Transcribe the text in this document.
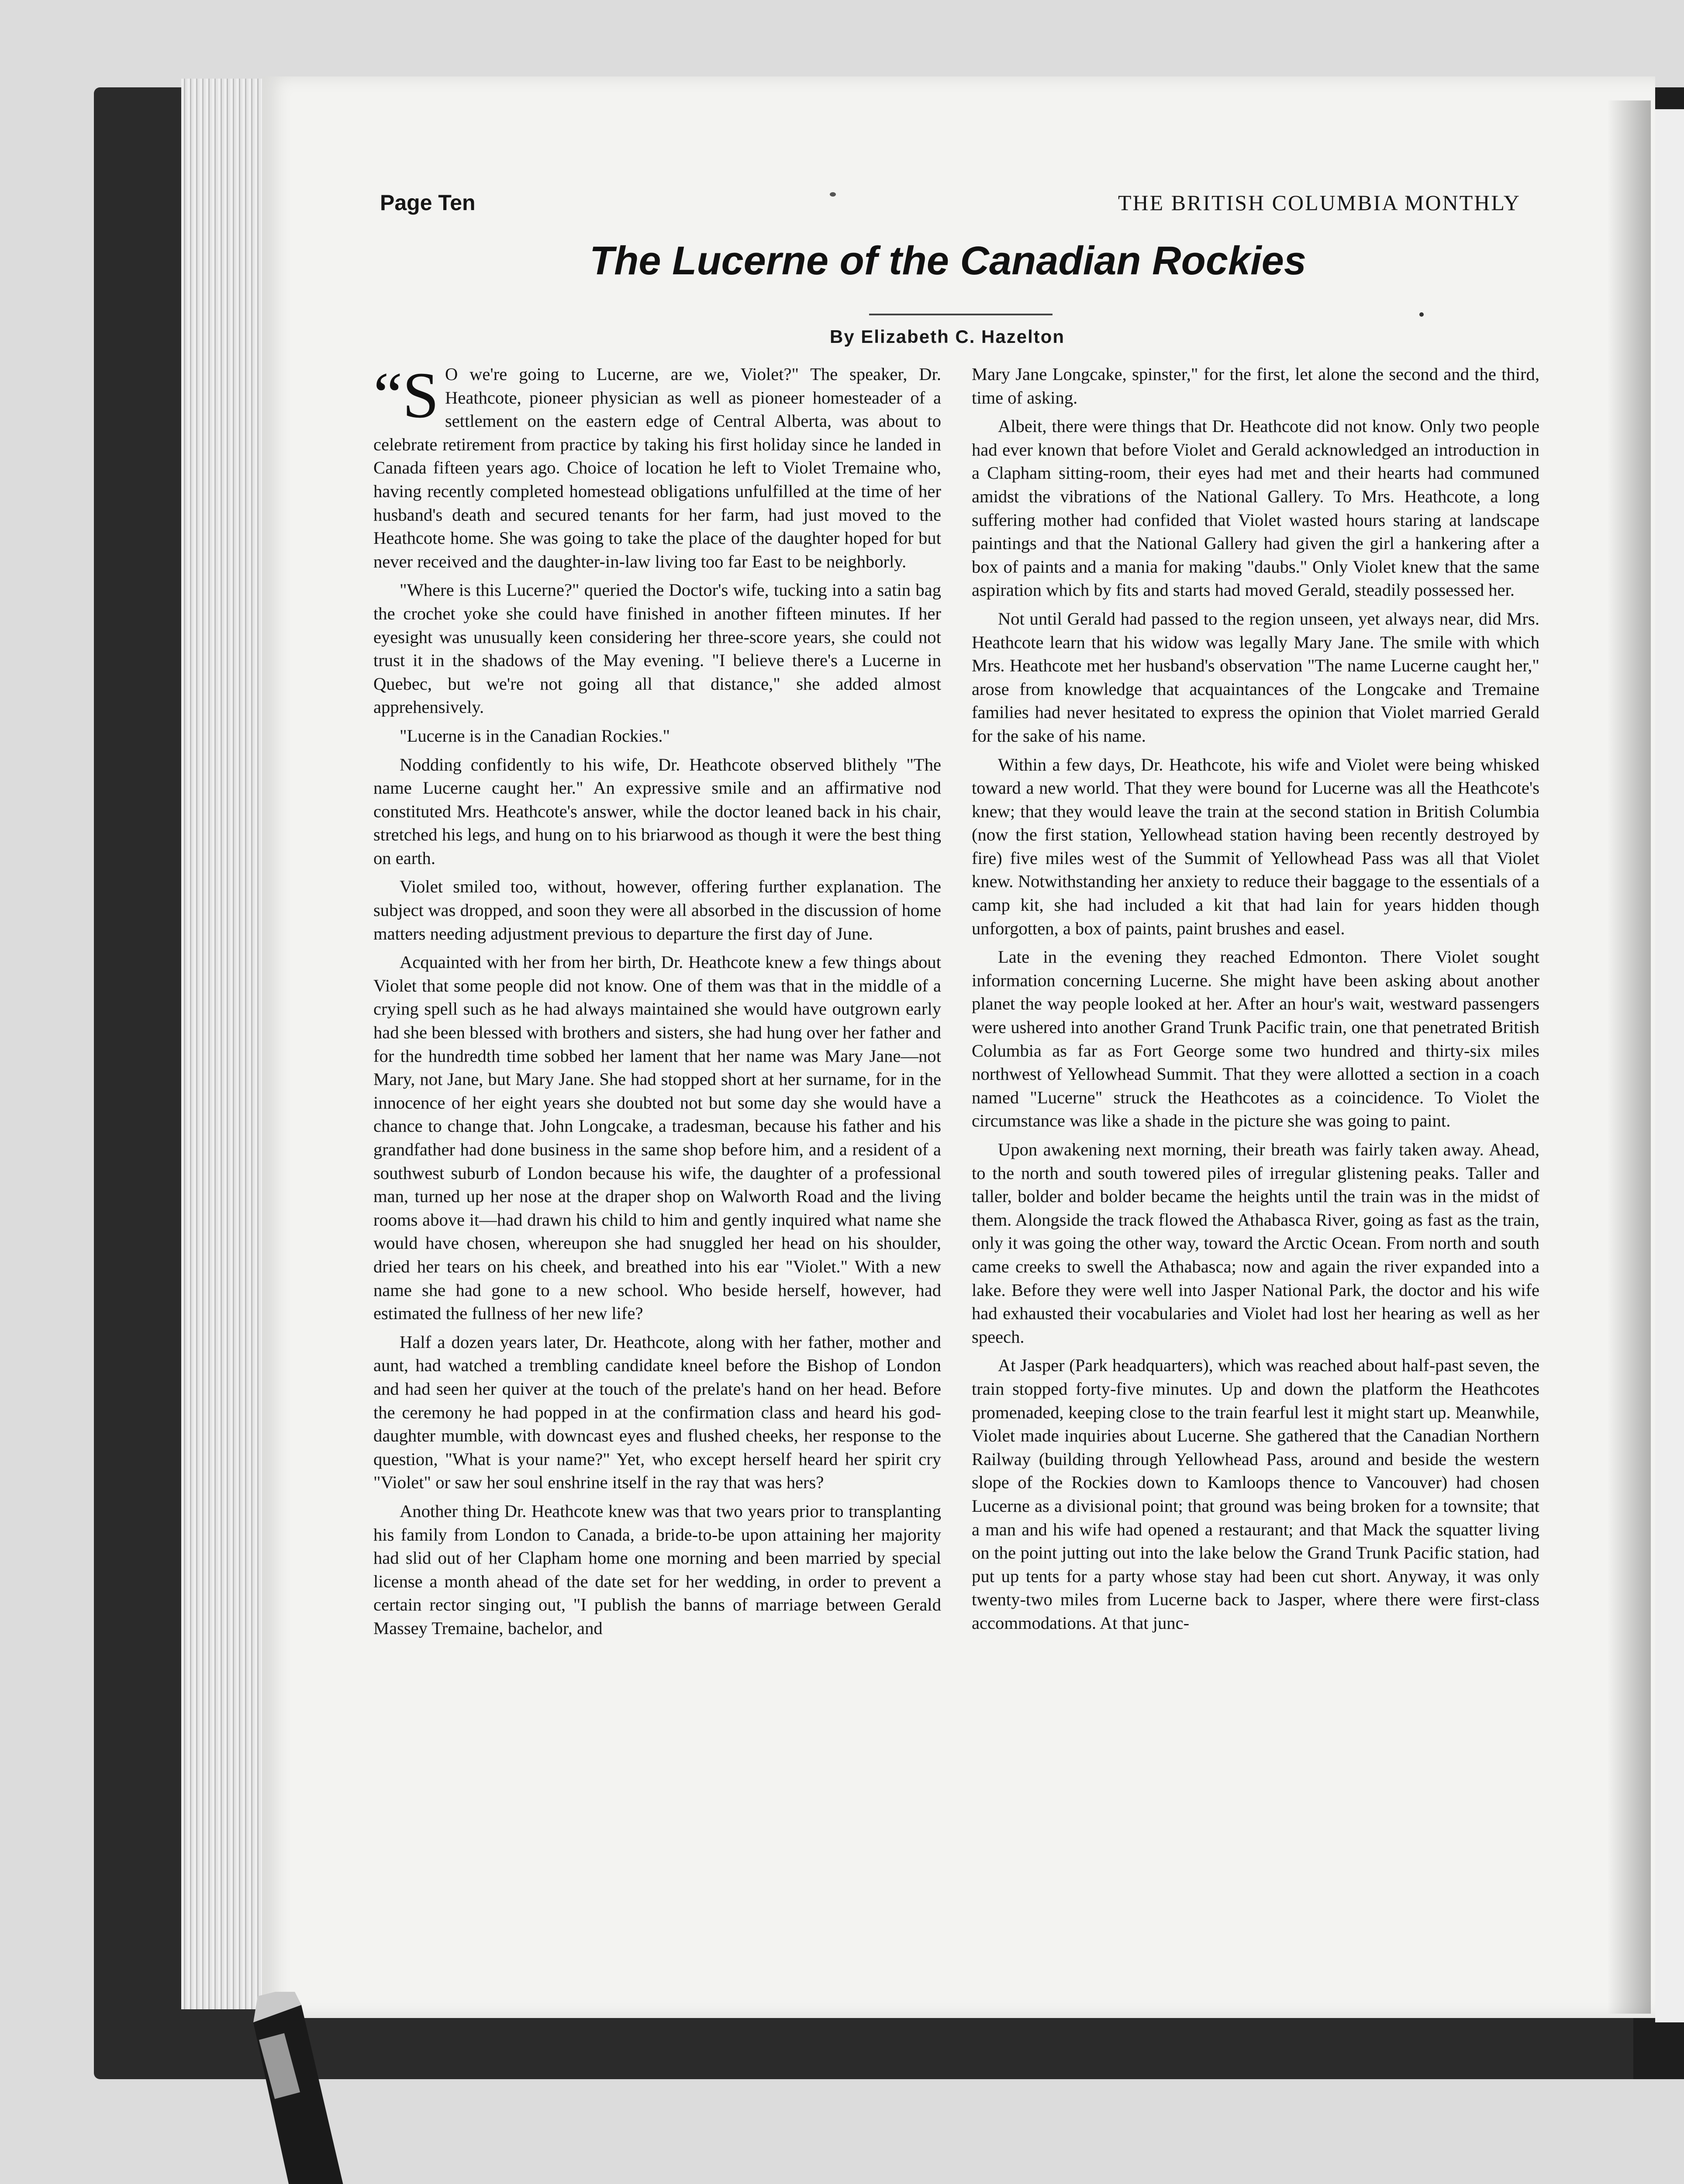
Page Ten	THE BRITISH COLUMBIA MONTHLY
The Lucerne of the Canadian Rockies
By Elizabeth C. Hazelton
“S O we're going to Lucerne, are we, Violet?" The speaker, Dr. Heathcote, pioneer physician as well as pioneer homesteader of a settlement on the eastern edge of Central Alberta, was about to celebrate retirement from practice by taking his first holiday since he landed in Canada fifteen years ago. Choice of location he left to Violet Tremaine who, having recently completed homestead obligations unfulfilled at the time of her husband's death and secured tenants for her farm, had just moved to the Heathcote home. She was going to take the place of the daughter hoped for but never received and the daughter-in-law living too far East to be neighborly.

"Where is this Lucerne?" queried the Doctor's wife, tucking into a satin bag the crochet yoke she could have finished in another fifteen minutes. If her eyesight was unusually keen considering her three-score years, she could not trust it in the shadows of the May evening. "I believe there's a Lucerne in Quebec, but we're not going all that distance," she added almost apprehensively.

"Lucerne is in the Canadian Rockies."

Nodding confidently to his wife, Dr. Heathcote observed blithely "The name Lucerne caught her." An expressive smile and an affirmative nod constituted Mrs. Heathcote's answer, while the doctor leaned back in his chair, stretched his legs, and hung on to his briarwood as though it were the best thing on earth.

Violet smiled too, without, however, offering further explanation. The subject was dropped, and soon they were all absorbed in the discussion of home matters needing adjustment previous to departure the first day of June.

Acquainted with her from her birth, Dr. Heathcote knew a few things about Violet that some people did not know. One of them was that in the middle of a crying spell such as he had always maintained she would have outgrown early had she been blessed with brothers and sisters, she had hung over her father and for the hundredth time sobbed her lament that her name was Mary Jane—not Mary, not Jane, but Mary Jane. She had stopped short at her surname, for in the innocence of her eight years she doubted not but some day she would have a chance to change that. John Longcake, a tradesman, because his father and his grandfather had done business in the same shop before him, and a resident of a southwest suburb of London because his wife, the daughter of a professional man, turned up her nose at the draper shop on Walworth Road and the living rooms above it—had drawn his child to him and gently inquired what name she would have chosen, whereupon she had snuggled her head on his shoulder, dried her tears on his cheek, and breathed into his ear "Violet." With a new name she had gone to a new school. Who beside herself, however, had estimated the fullness of her new life?

Half a dozen years later, Dr. Heathcote, along with her father, mother and aunt, had watched a trembling candidate kneel before the Bishop of London and had seen her quiver at the touch of the prelate's hand on her head. Before the ceremony he had popped in at the confirmation class and heard his god-daughter mumble, with downcast eyes and flushed cheeks, her response to the question, "What is your name?" Yet, who except herself heard her spirit cry "Violet" or saw her soul enshrine itself in the ray that was hers?

Another thing Dr. Heathcote knew was that two years prior to transplanting his family from London to Canada, a bride-to-be upon attaining her majority had slid out of her Clapham home one morning and been married by special license a month ahead of the date set for her wedding, in order to prevent a certain rector singing out, "I publish the banns of marriage between Gerald Massey Tremaine, bachelor, and

Mary Jane Longcake, spinster," for the first, let alone the second and the third, time of asking.

Albeit, there were things that Dr. Heathcote did not know. Only two people had ever known that before Violet and Gerald acknowledged an introduction in a Clapham sitting-room, their eyes had met and their hearts had communed amidst the vibrations of the National Gallery. To Mrs. Heathcote, a long suffering mother had confided that Violet wasted hours staring at landscape paintings and that the National Gallery had given the girl a hankering after a box of paints and a mania for making "daubs." Only Violet knew that the same aspiration which by fits and starts had moved Gerald, steadily possessed her.

Not until Gerald had passed to the region unseen, yet always near, did Mrs. Heathcote learn that his widow was legally Mary Jane. The smile with which Mrs. Heathcote met her husband's observation "The name Lucerne caught her," arose from knowledge that acquaintances of the Longcake and Tremaine families had never hesitated to express the opinion that Violet married Gerald for the sake of his name.

Within a few days, Dr. Heathcote, his wife and Violet were being whisked toward a new world. That they were bound for Lucerne was all the Heathcote's knew; that they would leave the train at the second station in British Columbia (now the first station, Yellowhead station having been recently destroyed by fire) five miles west of the Summit of Yellowhead Pass was all that Violet knew. Notwithstanding her anxiety to reduce their baggage to the essentials of a camp kit, she had included a kit that had lain for years hidden though unforgotten, a box of paints, paint brushes and easel.

Late in the evening they reached Edmonton. There Violet sought information concerning Lucerne. She might have been asking about another planet the way people looked at her. After an hour's wait, westward passengers were ushered into another Grand Trunk Pacific train, one that penetrated British Columbia as far as Fort George some two hundred and thirty-six miles northwest of Yellowhead Summit. That they were allotted a section in a coach named "Lucerne" struck the Heathcotes as a coincidence. To Violet the circumstance was like a shade in the picture she was going to paint.

Upon awakening next morning, their breath was fairly taken away. Ahead, to the north and south towered piles of irregular glistening peaks. Taller and taller, bolder and bolder became the heights until the train was in the midst of them. Alongside the track flowed the Athabasca River, going as fast as the train, only it was going the other way, toward the Arctic Ocean. From north and south came creeks to swell the Athabasca; now and again the river expanded into a lake. Before they were well into Jasper National Park, the doctor and his wife had exhausted their vocabularies and Violet had lost her hearing as well as her speech.

At Jasper (Park headquarters), which was reached about half-past seven, the train stopped forty-five minutes. Up and down the platform the Heathcotes promenaded, keeping close to the train fearful lest it might start up. Meanwhile, Violet made inquiries about Lucerne. She gathered that the Canadian Northern Railway (building through Yellowhead Pass, around and beside the western slope of the Rockies down to Kamloops thence to Vancouver) had chosen Lucerne as a divisional point; that ground was being broken for a townsite; that a man and his wife had opened a restaurant; and that Mack the squatter living on the point jutting out into the lake below the Grand Trunk Pacific station, had put up tents for a party whose stay had been cut short. Anyway, it was only twenty-two miles from Lucerne back to Jasper, where there were first-class accommodations. At that junc-
